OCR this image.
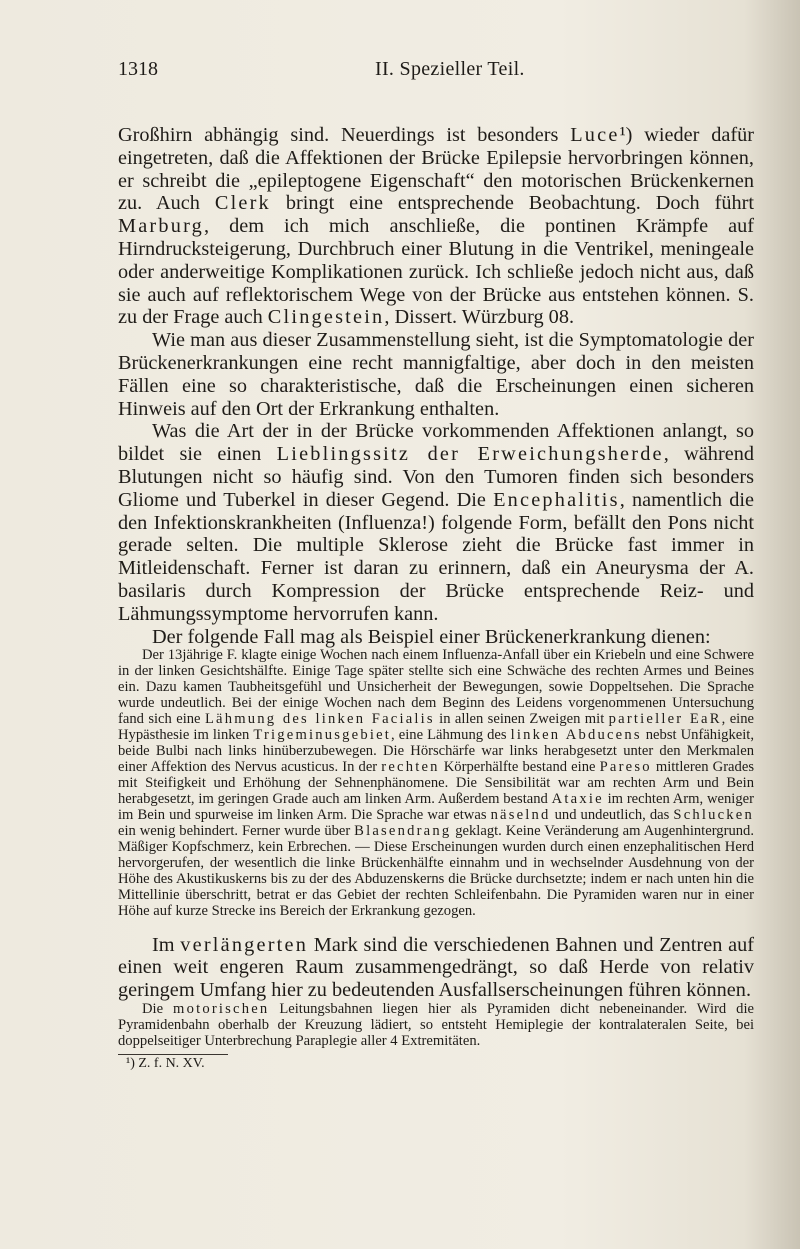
1318	II. Spezieller Teil.

Großhirn abhängig sind. Neuerdings ist besonders Luce¹) wieder dafür eingetreten, daß die Affektionen der Brücke Epilepsie hervorbringen können, er schreibt die „epileptogene Eigenschaft“ den motorischen Brückenkernen zu. Auch Clerk bringt eine entsprechende Beobachtung. Doch führt Marburg, dem ich mich anschließe, die pontinen Krämpfe auf Hirndrucksteigerung, Durchbruch einer Blutung in die Ventrikel, meningeale oder anderweitige Komplikationen zurück. Ich schließe jedoch nicht aus, daß sie auch auf reflektorischem Wege von der Brücke aus entstehen können. S. zu der Frage auch Clingestein, Dissert. Würzburg 08.

Wie man aus dieser Zusammenstellung sieht, ist die Symptomatologie der Brückenerkrankungen eine recht mannigfaltige, aber doch in den meisten Fällen eine so charakteristische, daß die Erscheinungen einen sicheren Hinweis auf den Ort der Erkrankung enthalten.

Was die Art der in der Brücke vorkommenden Affektionen anlangt, so bildet sie einen Lieblingssitz der Erweichungsherde, während Blutungen nicht so häufig sind. Von den Tumoren finden sich besonders Gliome und Tuberkel in dieser Gegend. Die Encephalitis, namentlich die den Infektionskrankheiten (Influenza!) folgende Form, befällt den Pons nicht gerade selten. Die multiple Sklerose zieht die Brücke fast immer in Mitleidenschaft. Ferner ist daran zu erinnern, daß ein Aneurysma der A. basilaris durch Kompression der Brücke entsprechende Reiz- und Lähmungssymptome hervorrufen kann.

Der folgende Fall mag als Beispiel einer Brückenerkrankung dienen:

Der 13jährige F. klagte einige Wochen nach einem Influenza-Anfall über ein Kriebeln und eine Schwere in der linken Gesichtshälfte. Einige Tage später stellte sich eine Schwäche des rechten Armes und Beines ein. Dazu kamen Taubheitsgefühl und Unsicherheit der Bewegungen, sowie Doppeltsehen. Die Sprache wurde undeutlich. Bei der einige Wochen nach dem Beginn des Leidens vorgenommenen Untersuchung fand sich eine Lähmung des linken Facialis in allen seinen Zweigen mit partieller EaR, eine Hypästhesie im linken Trigeminusgebiet, eine Lähmung des linken Abducens nebst Unfähigkeit, beide Bulbi nach links hinüberzubewegen. Die Hörschärfe war links herabgesetzt unter den Merkmalen einer Affektion des Nervus acusticus. In der rechten Körperhälfte bestand eine Pareso mittleren Grades mit Steifigkeit und Erhöhung der Sehnenphänomene. Die Sensibilität war am rechten Arm und Bein herabgesetzt, im geringen Grade auch am linken Arm. Außerdem bestand Ataxie im rechten Arm, weniger im Bein und spurweise im linken Arm. Die Sprache war etwas näselnd und undeutlich, das Schlucken ein wenig behindert. Ferner wurde über Blasendrang geklagt. Keine Veränderung am Augenhintergrund. Mäßiger Kopfschmerz, kein Erbrechen. — Diese Erscheinungen wurden durch einen enzephalitischen Herd hervorgerufen, der wesentlich die linke Brückenhälfte einnahm und in wechselnder Ausdehnung von der Höhe des Akustikuskerns bis zu der des Abduzenskerns die Brücke durchsetzte; indem er nach unten hin die Mittellinie überschritt, betrat er das Gebiet der rechten Schleifenbahn. Die Pyramiden waren nur in einer Höhe auf kurze Strecke ins Bereich der Erkrankung gezogen.

Im verlängerten Mark sind die verschiedenen Bahnen und Zentren auf einen weit engeren Raum zusammengedrängt, so daß Herde von relativ geringem Umfang hier zu bedeutenden Ausfallserscheinungen führen können.

Die motorischen Leitungsbahnen liegen hier als Pyramiden dicht nebeneinander. Wird die Pyramidenbahn oberhalb der Kreuzung lädiert, so entsteht Hemiplegie der kontralateralen Seite, bei doppelseitiger Unterbrechung Paraplegie aller 4 Extremitäten.

¹) Z. f. N. XV.
